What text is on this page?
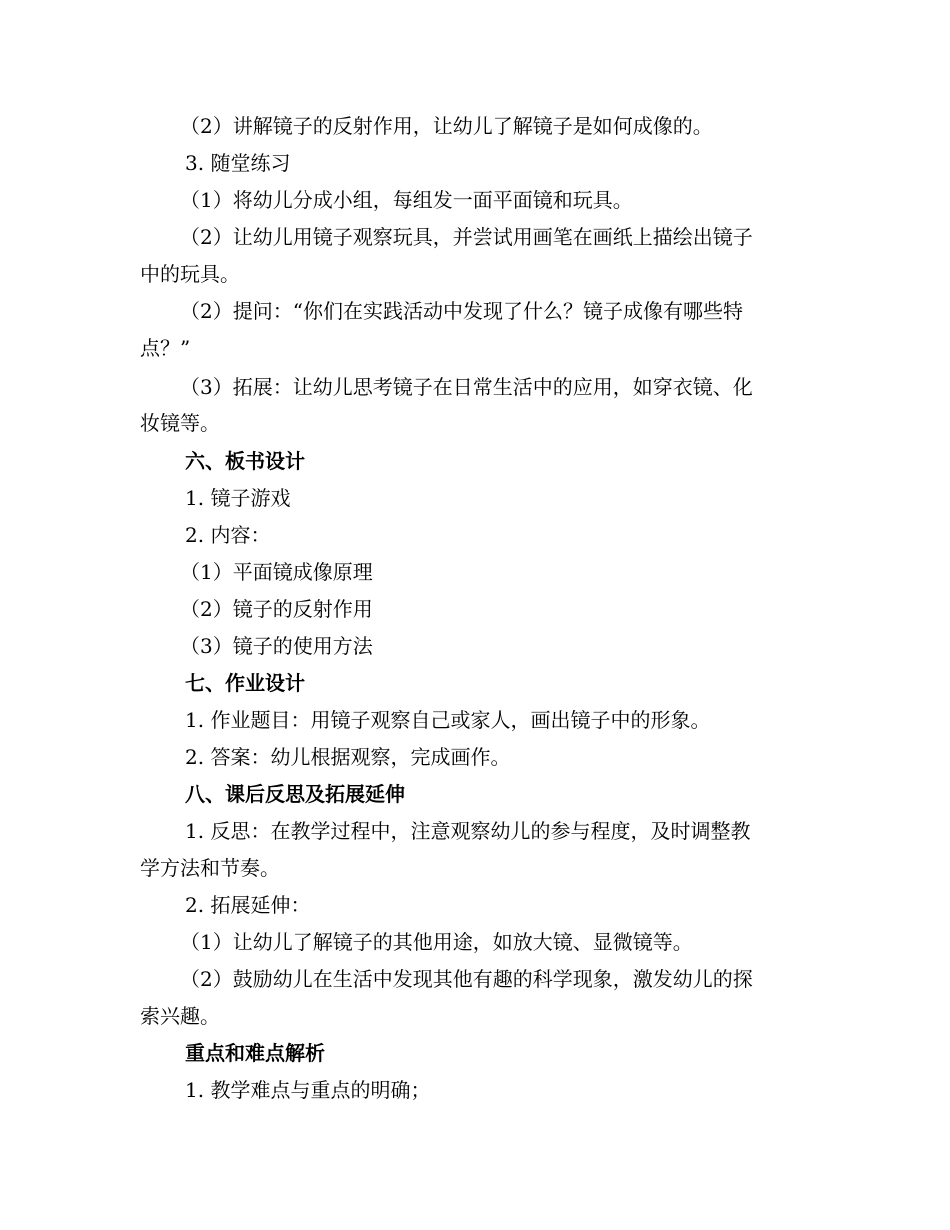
（2）讲解镜子的反射作用，让幼儿了解镜子是如何成像的。
3. 随堂练习
（1）将幼儿分成小组，每组发一面平面镜和玩具。
（2）让幼儿用镜子观察玩具，并尝试用画笔在画纸上描绘出镜子
中的玩具。
（2）提问：“你们在实践活动中发现了什么？镜子成像有哪些特
点？”
（3）拓展：让幼儿思考镜子在日常生活中的应用，如穿衣镜、化
妆镜等。
六、板书设计
1. 镜子游戏
2. 内容：
（1）平面镜成像原理
（2）镜子的反射作用
（3）镜子的使用方法
七、作业设计
1. 作业题目：用镜子观察自己或家人，画出镜子中的形象。
2. 答案：幼儿根据观察，完成画作。
八、课后反思及拓展延伸
1. 反思：在教学过程中，注意观察幼儿的参与程度，及时调整教
学方法和节奏。
2. 拓展延伸：
（1）让幼儿了解镜子的其他用途，如放大镜、显微镜等。
（2）鼓励幼儿在生活中发现其他有趣的科学现象，激发幼儿的探
索兴趣。
重点和难点解析
1. 教学难点与重点的明确；
